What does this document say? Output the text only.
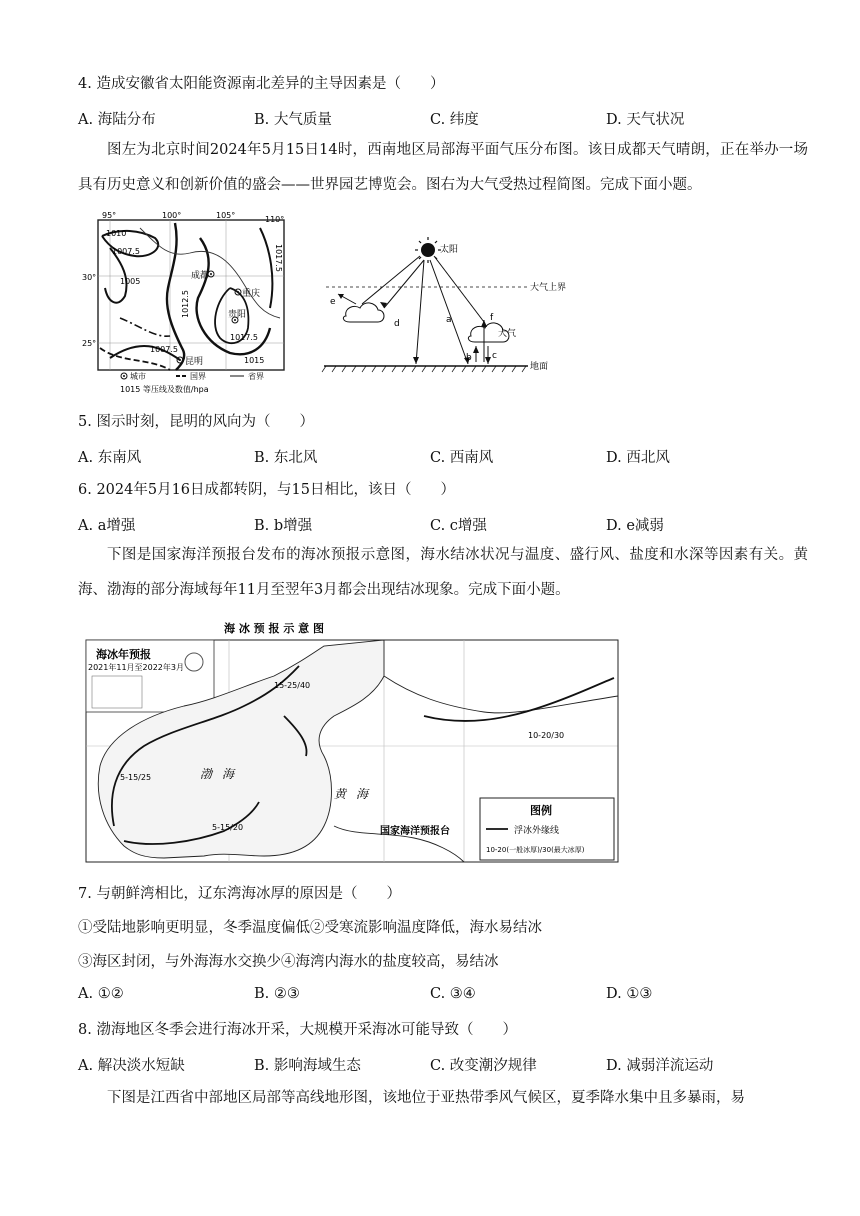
4. 造成安徽省太阳能资源南北差异的主导因素是（　　）
A. 海陆分布	B. 大气质量	C. 纬度	D. 天气状况
图左为北京时间2024年5月15日14时，西南地区局部海平面气压分布图。该日成都天气晴朗，正在举办一场具有历史意义和创新价值的盛会——世界园艺博览会。图右为大气受热过程简图。完成下面小题。
95°	100°	105°	110°
30°
25°
1010
1007.5
1005
1012.5
1007.5
1017.5
1015
1017.5
成都
重庆
贵阳
昆明
城市	国界	省界
1015 等压线及数值/hpa
太阳
大气上界
地面
大气
e
d	a	f
b c
5. 图示时刻，昆明的风向为（　　）
A. 东南风	B. 东北风	C. 西南风	D. 西北风
6. 2024年5月16日成都转阴，与15日相比，该日（　　）
A. a增强	B. b增强	C. c增强	D. e减弱
下图是国家海洋预报台发布的海冰预报示意图，海水结冰状况与温度、盛行风、盐度和水深等因素有关。黄海、渤海的部分海域每年11月至翌年3月都会出现结冰现象。完成下面小题。
海 冰 预 报 示 意 图
海冰年预报
2021年11月至2022年3月
15-25/40
10-20/30
5-15/25
5-15/20
渤 海
黄 海
国家海洋预报台
图例
浮冰外缘线
10-20(一般冰厚)/30(最大冰厚)
7. 与朝鲜湾相比，辽东湾海冰厚的原因是（　　）
①受陆地影响更明显，冬季温度偏低②受寒流影响温度降低，海水易结冰
③海区封闭，与外海海水交换少④海湾内海水的盐度较高，易结冰
A. ①②	B. ②③	C. ③④	D. ①③
8. 渤海地区冬季会进行海冰开采，大规模开采海冰可能导致（　　）
A. 解决淡水短缺	B. 影响海域生态	C. 改变潮汐规律	D. 减弱洋流运动
下图是江西省中部地区局部等高线地形图，该地位于亚热带季风气候区，夏季降水集中且多暴雨，易
